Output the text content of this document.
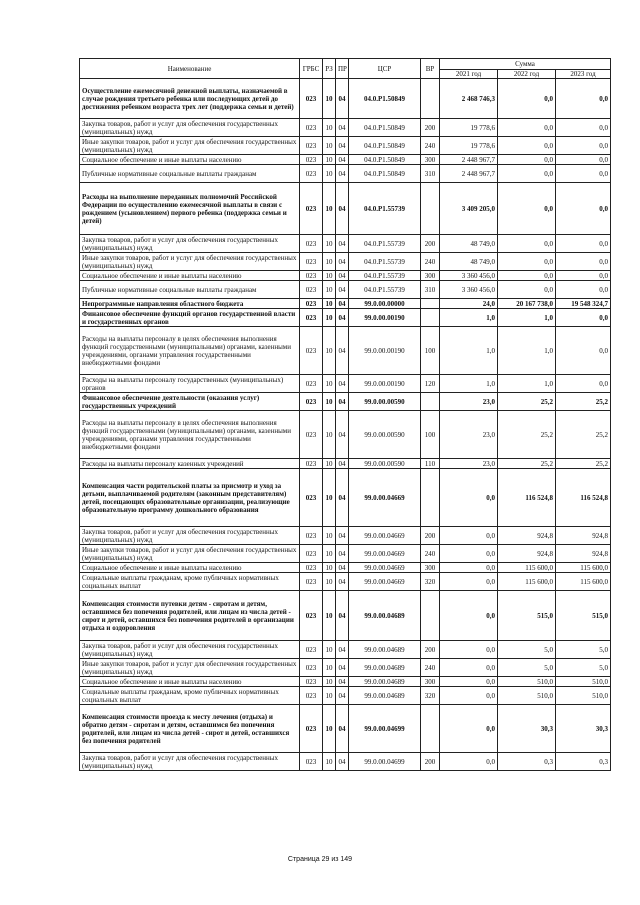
Наименование	ГРБС	РЗ	ПР	ЦСР	ВР	Сумма		
						2021 год	2022 год	2023 год
Осуществление ежемесячной денежной выплаты, назначаемой в случае рождения третьего ребенка или последующих детей до достижения ребенком возраста трех лет (поддержка семьи и детей)	023	10	04	04.0.P1.50849		2 468 746,3	0,0	0,0
Закупка товаров, работ и услуг для обеспечения государственных (муниципальных) нужд	023	10	04	04.0.P1.50849	200	19 778,6	0,0	0,0
Иные закупки товаров, работ и услуг для обеспечения государственных (муниципальных) нужд	023	10	04	04.0.P1.50849	240	19 778,6	0,0	0,0
Социальное обеспечение и иные выплаты населению	023	10	04	04.0.P1.50849	300	2 448 967,7	0,0	0,0
Публичные нормативные социальные выплаты гражданам	023	10	04	04.0.P1.50849	310	2 448 967,7	0,0	0,0
Расходы на выполнение переданных полномочий Российской Федерации по осуществлению ежемесячной выплаты в связи с рождением (усыновлением) первого ребенка (поддержка семьи и детей)	023	10	04	04.0.P1.55739		3 409 205,0	0,0	0,0
Закупка товаров, работ и услуг для обеспечения государственных (муниципальных) нужд	023	10	04	04.0.P1.55739	200	48 749,0	0,0	0,0
Иные закупки товаров, работ и услуг для обеспечения государственных (муниципальных) нужд	023	10	04	04.0.P1.55739	240	48 749,0	0,0	0,0
Социальное обеспечение и иные выплаты населению	023	10	04	04.0.P1.55739	300	3 360 456,0	0,0	0,0
Публичные нормативные социальные выплаты гражданам	023	10	04	04.0.P1.55739	310	3 360 456,0	0,0	0,0
Непрограммные направления областного бюджета	023	10	04	99.0.00.00000		24,0	20 167 738,0	19 548 324,7
Финансовое обеспечение функций органов государственной власти и государственных органов	023	10	04	99.0.00.00190		1,0	1,0	0,0
Расходы на выплаты персоналу в целях обеспечения выполнения функций государственными (муниципальными) органами, казенными учреждениями, органами управления государственными внебюджетными фондами	023	10	04	99.0.00.00190	100	1,0	1,0	0,0
Расходы на выплаты персоналу государственных (муниципальных) органов	023	10	04	99.0.00.00190	120	1,0	1,0	0,0
Финансовое обеспечение деятельности (оказания услуг) государственных учреждений	023	10	04	99.0.00.00590		23,0	25,2	25,2
Расходы на выплаты персоналу в целях обеспечения выполнения функций государственными (муниципальными) органами, казенными учреждениями, органами управления государственными внебюджетными фондами	023	10	04	99.0.00.00590	100	23,0	25,2	25,2
Расходы на выплаты персоналу казенных учреждений	023	10	04	99.0.00.00590	110	23,0	25,2	25,2
Компенсация части родительской платы за присмотр и уход за детьми, выплачиваемой родителям (законным представителям) детей, посещающих образовательные организации, реализующие образовательную программу дошкольного образования	023	10	04	99.0.00.04669		0,0	116 524,8	116 524,8
Закупка товаров, работ и услуг для обеспечения государственных (муниципальных) нужд	023	10	04	99.0.00.04669	200	0,0	924,8	924,8
Иные закупки товаров, работ и услуг для обеспечения государственных (муниципальных) нужд	023	10	04	99.0.00.04669	240	0,0	924,8	924,8
Социальное обеспечение и иные выплаты населению	023	10	04	99.0.00.04669	300	0,0	115 600,0	115 600,0
Социальные выплаты гражданам, кроме публичных нормативных социальных выплат	023	10	04	99.0.00.04669	320	0,0	115 600,0	115 600,0
Компенсация стоимости путевки детям - сиротам и детям, оставшимся без попечения родителей, или лицам из числа детей - сирот и детей, оставшихся без попечения родителей в организации отдыха и оздоровления	023	10	04	99.0.00.04689		0,0	515,0	515,0
Закупка товаров, работ и услуг для обеспечения государственных (муниципальных) нужд	023	10	04	99.0.00.04689	200	0,0	5,0	5,0
Иные закупки товаров, работ и услуг для обеспечения государственных (муниципальных) нужд	023	10	04	99.0.00.04689	240	0,0	5,0	5,0
Социальное обеспечение и иные выплаты населению	023	10	04	99.0.00.04689	300	0,0	510,0	510,0
Социальные выплаты гражданам, кроме публичных нормативных социальных выплат	023	10	04	99.0.00.04689	320	0,0	510,0	510,0
Компенсация стоимости проезда к месту лечения (отдыха) и обратно детям - сиротам и детям, оставшимся без попечения родителей, или лицам из числа детей - сирот и детей, оставшихся без попечения родителей	023	10	04	99.0.00.04699		0,0	30,3	30,3
Закупка товаров, работ и услуг для обеспечения государственных (муниципальных) нужд	023	10	04	99.0.00.04699	200	0,0	0,3	0,3
Страница 29 из 149
